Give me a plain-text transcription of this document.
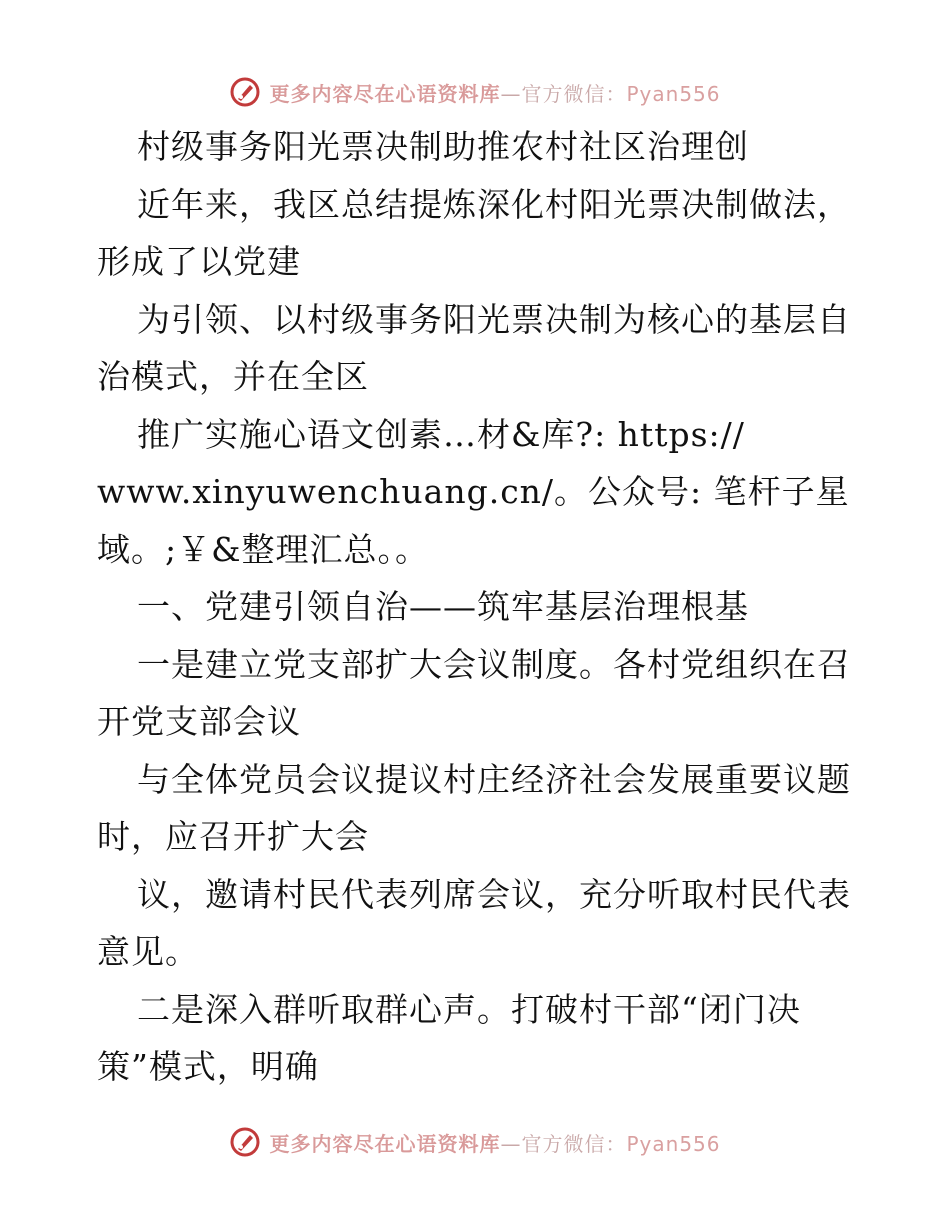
更多内容尽在心语资料库—官方微信：Pyan556
村级事务阳光票决制助推农村社区治理创
近年来，我区总结提炼深化村阳光票决制做法，
形成了以党建
为引领、以村级事务阳光票决制为核心的基层自
治模式，并在全区
推广实施心语文创素…材&库?: https://
www.xinyuwenchuang.cn/。公众号: 笔杆子星
域。;￥&整理汇总。。
一、党建引领自治——筑牢基层治理根基
一是建立党支部扩大会议制度。各村党组织在召
开党支部会议
与全体党员会议提议村庄经济社会发展重要议题
时，应召开扩大会
议，邀请村民代表列席会议，充分听取村民代表
意见。
二是深入群听取群心声。打破村干部“闭门决
策”模式，明确
更多内容尽在心语资料库—官方微信：Pyan556
